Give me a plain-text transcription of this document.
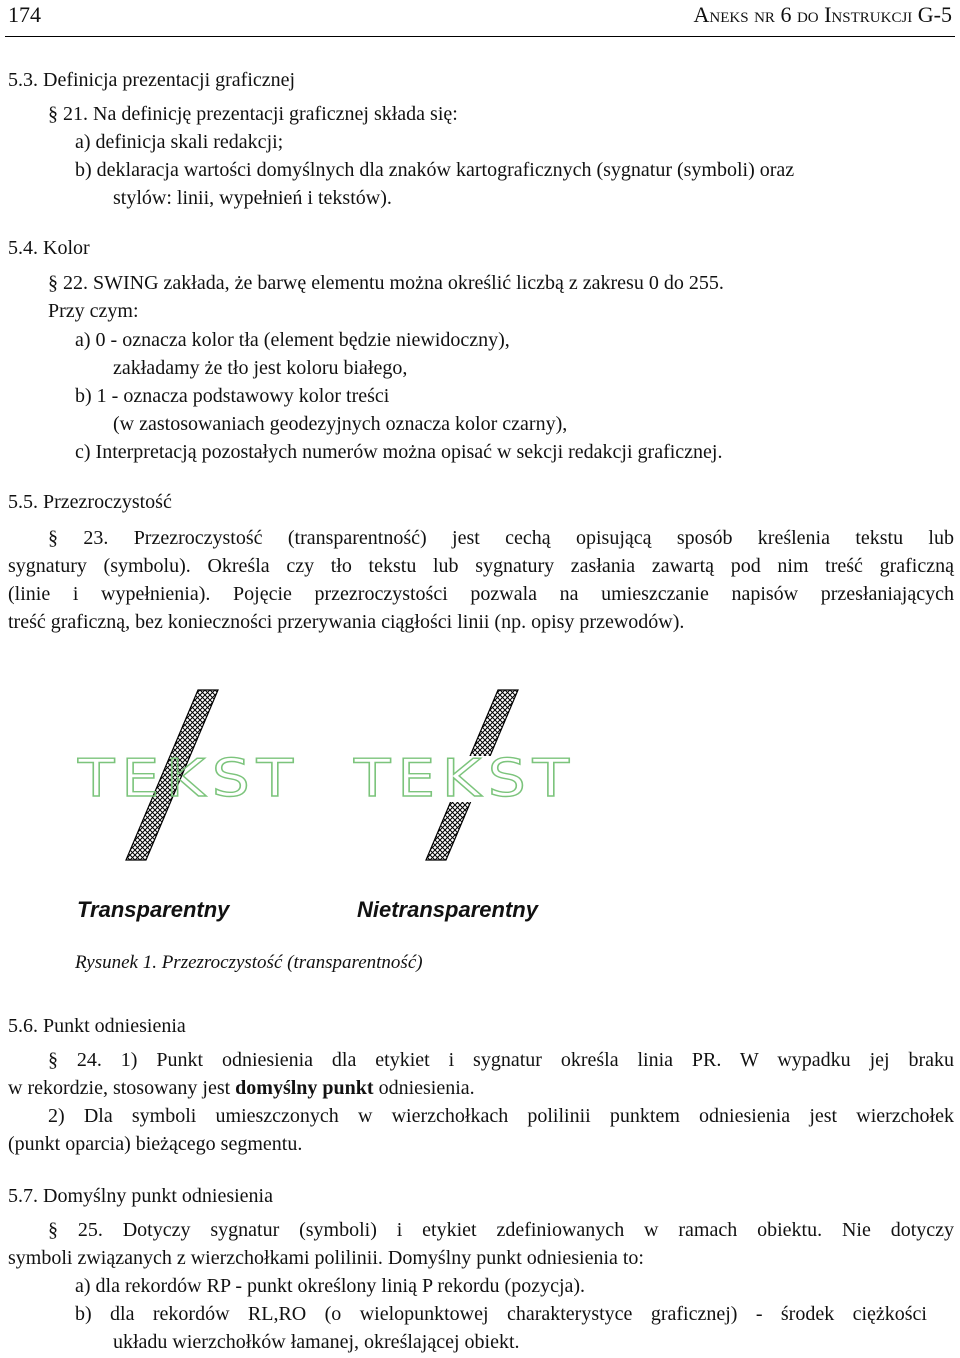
174	Aneks nr 6 do Instrukcji G-5
5.3. Definicja prezentacji graficznej
§ 21. Na definicję prezentacji graficznej składa się:
a) definicja skali redakcji;
b) deklaracja wartości domyślnych dla znaków kartograficznych (sygnatur (symboli) oraz
stylów: linii, wypełnień i tekstów).
5.4. Kolor
§ 22. SWING zakłada, że barwę elementu można określić liczbą z zakresu 0 do 255.
Przy czym:
a) 0 - oznacza kolor tła (element będzie niewidoczny),
zakładamy że tło jest koloru białego,
b) 1 - oznacza podstawowy kolor treści
(w zastosowaniach geodezyjnych oznacza kolor czarny),
c) Interpretacją pozostałych numerów można opisać w sekcji redakcji graficznej.
5.5. Przezroczystość
§ 23. Przezroczystość (transparentność) jest cechą opisującą sposób kreślenia tekstu lub
sygnatury (symbolu). Określa czy tło tekstu lub sygnatury zasłania zawartą pod nim treść graficzną
(linie i wypełnienia). Pojęcie przezroczystości pozwala na umieszczanie napisów przesłaniających
treść graficzną, bez konieczności przerywania ciągłości linii (np. opisy przewodów).
TEKST TEKST
Transparentny	Nietransparentny
Rysunek 1. Przezroczystość (transparentność)
5.6. Punkt odniesienia
§ 24. 1) Punkt odniesienia dla etykiet i sygnatur określa linia PR. W wypadku jej braku
w rekordzie, stosowany jest domyślny punkt odniesienia.
2) Dla symboli umieszczonych w wierzchołkach polilinii punktem odniesienia jest wierzchołek
(punkt oparcia) bieżącego segmentu.
5.7. Domyślny punkt odniesienia
§ 25. Dotyczy sygnatur (symboli) i etykiet zdefiniowanych w ramach obiektu. Nie dotyczy
symboli związanych z wierzchołkami polilinii. Domyślny punkt odniesienia to:
a) dla rekordów RP - punkt określony linią P rekordu (pozycja).
b) dla rekordów RL,RO (o wielopunktowej charakterystyce graficznej) - środek ciężkości
układu wierzchołków łamanej, określającej obiekt.
